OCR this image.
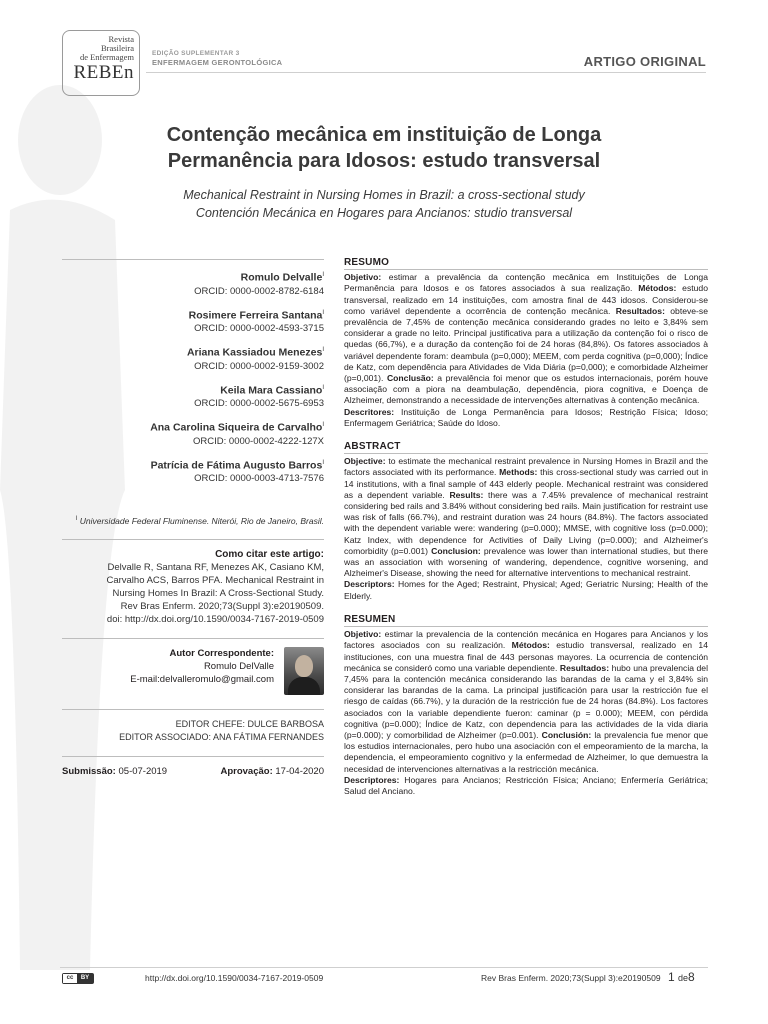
Revista
Brasileira
de Enfermagem
REBEn
EDIÇÃO SUPLEMENTAR 3
ENFERMAGEM GERONTOLÓGICA	ARTIGO ORIGINAL
Contenção mecânica em instituição de Longa
Permanência para Idosos: estudo transversal
Mechanical Restraint in Nursing Homes in Brazil: a cross-sectional study
Contención Mecánica en Hogares para Ancianos: studio transversal
Romulo Delvalle$^I$
ORCID: 0000-0002-8782-6184
Rosimere Ferreira Santana$^I$
ORCID: 0000-0002-4593-3715
Ariana Kassiadou Menezes$^I$
ORCID: 0000-0002-9159-3002
Keila Mara Cassiano$^I$
ORCID: 0000-0002-5675-6953
Ana Carolina Siqueira de Carvalho$^I$
ORCID: 0000-0002-4222-127X
Patrícia de Fátima Augusto Barros$^I$
ORCID: 0000-0003-4713-7576
$^I$ Universidade Federal Fluminense. Niterói, Rio de Janeiro, Brasil.
Como citar este artigo:
Delvalle R, Santana RF, Menezes AK, Casiano KM,
Carvalho ACS, Barros PFA. Mechanical Restraint in
Nursing Homes In Brazil: A Cross-Sectional Study.
Rev Bras Enferm. 2020;73(Suppl 3):e20190509.
doi: http://dx.doi.org/10.1590/0034-7167-2019-0509
Autor Correspondente:
Romulo DelValle
E-mail:delvalleromulo@gmail.com
EDITOR CHEFE: DULCE BARBOSA
EDITOR ASSOCIADO: ANA FÁTIMA FERNANDES
Submissão: 05-07-2019	Aprovação: 17-04-2020
RESUMO

Objetivo: estimar a prevalência da contenção mecânica em Instituições de Longa Permanência para Idosos e os fatores associados à sua realização. Métodos: estudo transversal, realizado em 14 instituições, com amostra final de 443 idosos. Considerou-se como variável dependente a ocorrência de contenção mecânica. Resultados: obteve-se prevalência de 7,45% de contenção mecânica considerando grades no leito e 3,84% sem considerar a grade no leito. Principal justificativa para a utilização da contenção foi o risco de quedas (66,7%), e a duração da contenção foi de 24 horas (84,8%). Os fatores associados à variável dependente foram: deambula (p=0,000); MEEM, com perda cognitiva (p=0,000); Índice de Katz, com dependência para Atividades de Vida Diária (p=0,000); e comorbidade Alzheimer (p=0,001). Conclusão: a prevalência foi menor que os estudos internacionais, porém houve associação com a piora na deambulação, dependência, piora cognitiva, e Doença de Alzheimer, demonstrando a necessidade de intervenções alternativas à contenção mecânica.

Descritores: Instituição de Longa Permanência para Idosos; Restrição Física; Idoso; Enfermagem Geriátrica; Saúde do Idoso.

ABSTRACT

Objective: to estimate the mechanical restraint prevalence in Nursing Homes in Brazil and the factors associated with its performance. Methods: this cross-sectional study was carried out in 14 institutions, with a final sample of 443 elderly people. Mechanical restraint was considered as a dependent variable. Results: there was a 7.45% prevalence of mechanical restraint considering bed rails and 3.84% without considering bed rails. Main justification for restraint use was risk of falls (66.7%), and restraint duration was 24 hours (84.8%). The factors associated with the dependent variable were: wandering (p=0.000); MMSE, with cognitive loss (p=0.000); Katz Index, with dependence for Activities of Daily Living (p=0.000); and Alzheimer's comorbidity (p=0.001) Conclusion: prevalence was lower than international studies, but there was an association with worsening of wandering, dependence, cognitive worsening, and Alzheimer's Disease, showing the need for alternative interventions to mechanical restraint.

Descriptors: Homes for the Aged; Restraint, Physical; Aged; Geriatric Nursing; Health of the Elderly.

RESUMEN

Objetivo: estimar la prevalencia de la contención mecánica en Hogares para Ancianos y los factores asociados con su realización. Métodos: estudio transversal, realizado en 14 instituciones, con una muestra final de 443 personas mayores. La ocurrencia de contención mecánica se consideró como una variable dependiente. Resultados: hubo una prevalencia del 7,45% para la contención mecánica considerando las barandas de la cama y el 3,84% sin considerar las barandas de la cama. La principal justificación para usar la restricción fue el riesgo de caídas (66.7%), y la duración de la restricción fue de 24 horas (84.8%). Los factores asociados con la variable dependiente fueron: caminar (p = 0.000); MEEM, con pérdida cognitiva (p=0.000); Índice de Katz, con dependencia para las actividades de la vida diaria (p=0.000); y comorbilidad de Alzheimer (p=0.001). Conclusión: la prevalencia fue menor que los estudios internacionales, pero hubo una asociación con el empeoramiento de la marcha, la dependencia, el empeoramiento cognitivo y la enfermedad de Alzheimer, lo que demuestra la necesidad de intervenciones alternativas a la restricción mecánica.

Descriptores: Hogares para Ancianos; Restricción Física; Anciano; Enfermería Geriátrica; Salud del Anciano.

cc	BY	http://dx.doi.org/10.1590/0034-7167-2019-0509	Rev Bras Enferm. 2020;73(Suppl 3):e20190509 1 de8
